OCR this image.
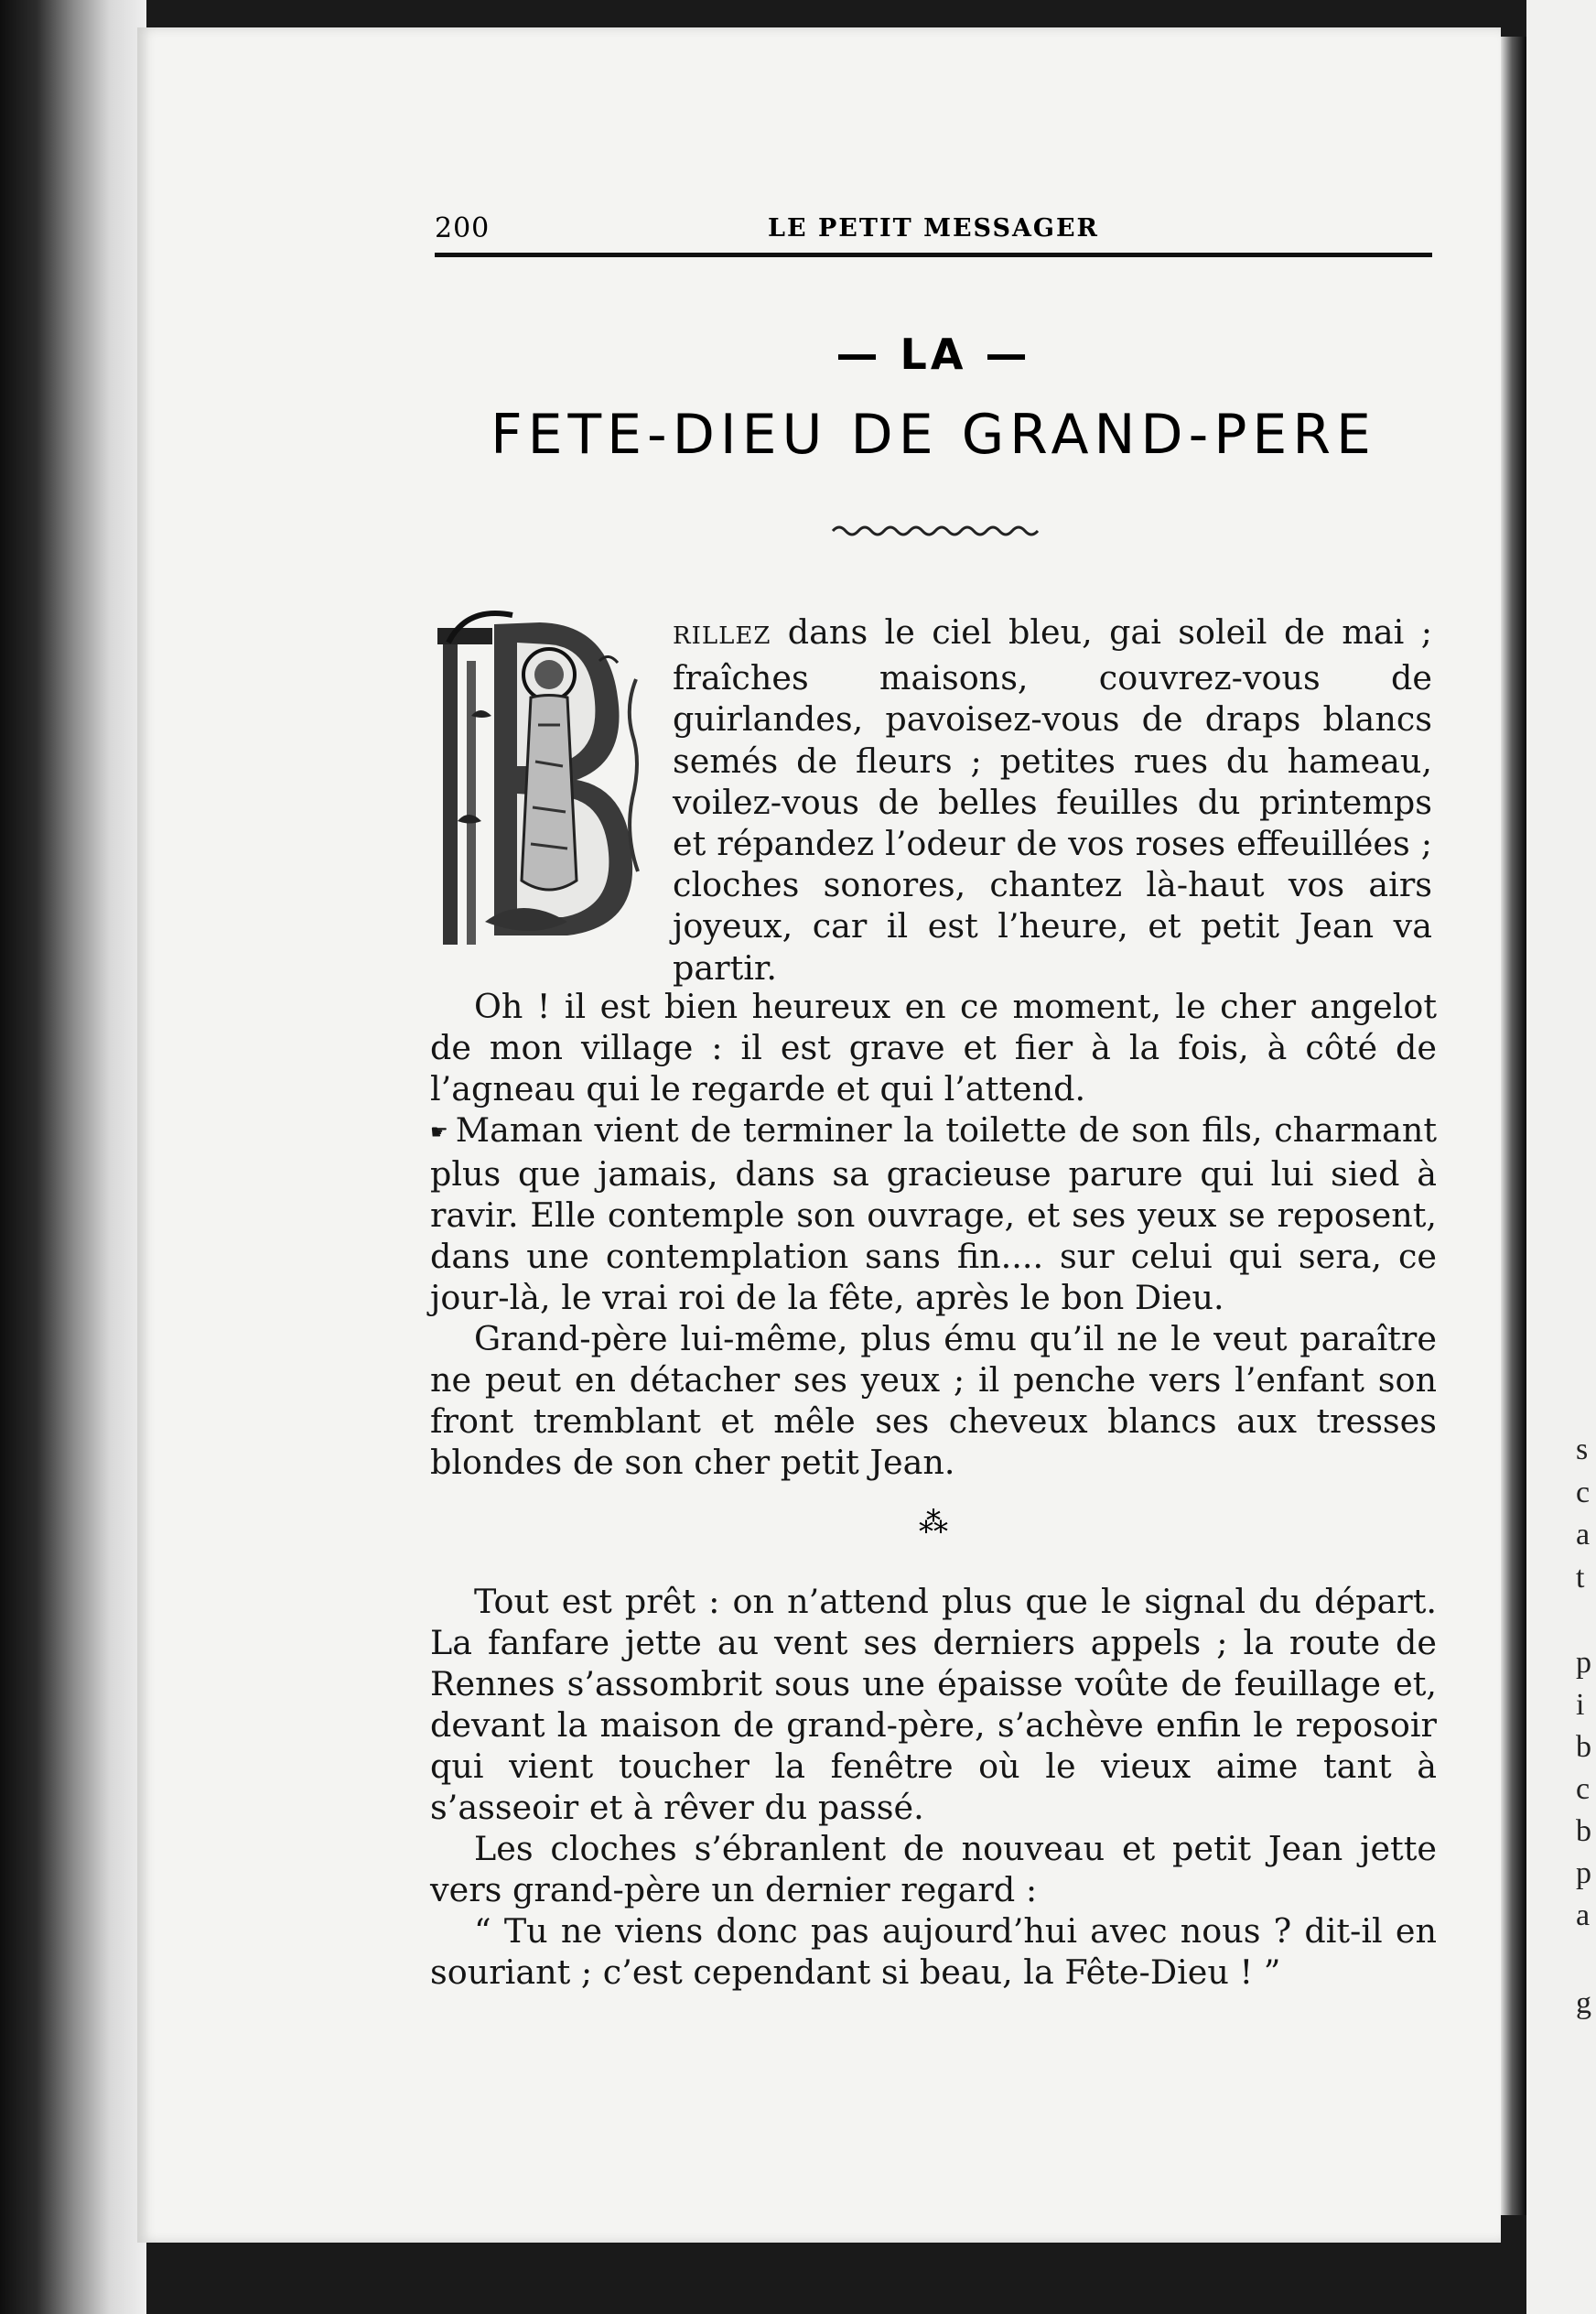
s
c
a
t
p
i
b
c
b
p
a
g
200	LE PETIT MESSAGER
— LA —
FETE-DIEU DE GRAND-PERE
RILLEZ dans le ciel bleu, gai soleil de mai ; fraîches maisons, couvrez-vous de guirlandes, pavoisez-vous de draps blancs semés de fleurs ; petites rues du hameau, voilez-vous de belles feuilles du printemps et répandez l’odeur de vos roses effeuillées ; cloches sonores, chantez là-haut vos airs joyeux, car il est l’heure, et petit Jean va partir.

Oh ! il est bien heureux en ce moment, le cher angelot de mon village : il est grave et fier à la fois, à côté de l’agneau qui le regarde et qui l’attend.

☛ Maman vient de terminer la toilette de son fils, charmant plus que jamais, dans sa gracieuse parure qui lui sied à ravir. Elle contemple son ouvrage, et ses yeux se reposent, dans une contemplation sans fin.... sur celui qui sera, ce jour-là, le vrai roi de la fête, après le bon Dieu.

Grand-père lui-même, plus ému qu’il ne le veut paraître ne peut en détacher ses yeux ; il penche vers l’enfant son front tremblant et mêle ses cheveux blancs aux tresses blondes de son cher petit Jean.

⁂

Tout est prêt : on n’attend plus que le signal du départ. La fanfare jette au vent ses derniers appels ; la route de Rennes s’assombrit sous une épaisse voûte de feuillage et, devant la maison de grand-père, s’achève enfin le reposoir qui vient toucher la fenêtre où le vieux aime tant à s’asseoir et à rêver du passé.

Les cloches s’ébranlent de nouveau et petit Jean jette vers grand-père un dernier regard :

“ Tu ne viens donc pas aujourd’hui avec nous ? dit-il en souriant ; c’est cependant si beau, la Fête-Dieu ! ”
